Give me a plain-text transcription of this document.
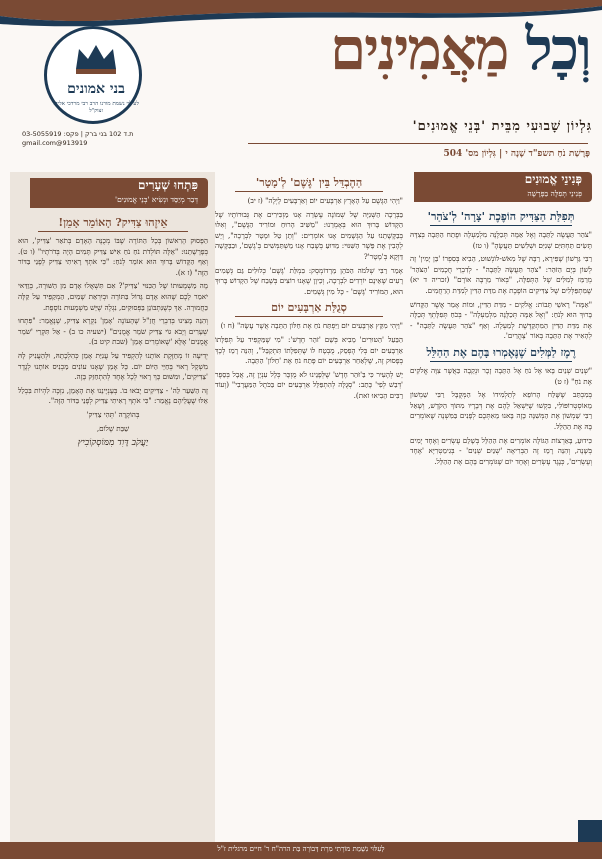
בני אמונים
לעילוי נשמת מורנו הרב רבי מרדכי אליהו זצוק"ל
ת.ד 102 בני ברק | פקס: 03-5055919
913919@gmail.com
וְכָל מַאֲמִינִים
גִּלְיוֹן שָׁבוּעִי מִבֵּית 'בְּנֵי אֱמוּנִים'
פָּרָשַׁת נֹחַ תשפ"ד שָׁנָה י | גִּלְיוֹן מס' 504
פְּנִינֵי אֱמוּנִים
פְּנִינֵי תְּפִלָּה בַּפָּרָשָׁה
תְּפִלַּת הַצַּדִּיק הוֹפֶכֶת 'צָרָה' לְ'צֹהַר'

"צֹהַר תַּעֲשֶׂה לַתֵּבָה וְאֶל אַמָּה תְּכַלֶּנָּה מִלְמַעְלָה וּפֶתַח הַתֵּבָה בְּצִדָּהּ תָּשִׂים תַּחְתִּיִּם שְׁנִיִּם וּשְׁלִשִׁים תַּעֲשֶׂהָ" (ו טז)

רַבִּי גַּרְשׁוֹן שָׁפִּירָא, רַבָּהּ שֶׁל מִאֹשׁ-לוֹנְשׁוּט, הֵבִיא בְּסִפְרוֹ 'בֵּן יָמִין' זָה לְשׁוֹן בְּיָם הַזֹּהַר: "צֹהַר תַּעֲשֶׂה לַתֵּבָה" - לְדִבְרֵי חֲכָמִים 'הַצֹּהַר' מְרַמֵּז לְמִלִּים שֶׁל הַתְּפִלָּה, "בְּאוֹר מַרְבֶּה אוֹרָם" (זכריה ד יא) שֶׁמִּתְפַּלְּלִים שֶׁל צַדִּיקִים הוֹפֶכֶת אֶת מִדַּת הַדִּין לְמִדַּת הָרַחֲמִים.

"אַמָּה" רָאשֵׁי תֵּבוֹת: אֱלֹקִים - מִדַּת הַדִּין, וּמוֹת אָמַר אֲשֶׁר הַקָּדוֹשׁ בָּרוּךְ הוּא לְנֹחַ: "וְאֶל אַמָּה תְּכַלֶּנָּה מִלְמַעְלָה" - בְּכֹחַ תְּפִלָּתְךָ תְּכַלֶּה אֶת מִדַּת הַדִּין הַמִּתְקַדֶּשֶׁת לְמַעְלָה. וְאַף "צֹהַר תַּעֲשֶׂה לַתֵּבָה" - לְהָאִיר אֶת הַתֵּבָה בְּאוֹר 'צָהֳרַיִם'.

רֶמֶז לַמְּלִים שֶׁנֶּאֶמְרוּ בָּהֶם אֶת הַהַלֵּל

"שְׁנַיִם שְׁנַיִם בָּאוּ אֶל נֹחַ אֶל הַתֵּבָה זָכָר וּנְקֵבָה כַּאֲשֶׁר צִוָּה אֱלֹקִים אֶת נֹחַ" (ז ט)

בְּמִכְתַּב שֶׁשָּׁלַח הָרוֹפֵא לְתַלְמִידוֹ אֶל הַמְּקֻבָּל רַבִּי שַׁמְשׁוֹן מֵאוֹסְטְרוֹפּוֹלִי, בִּקְשׁוּ שֶׁיִּשְׁאַל לָהֶם אֶת דְּבָרָיו מִתּוֹךְ הַקֹּדֶשׁ, וְשָׁאַל רַבִּי שַׁמְשׁוֹן אֶת הַמְּשִׁנָּה כָּזֶה בָּאנוּ מֵאִתְּכֶם לְפָנִים בַּמִּשְׁנָה שֶׁאוֹמְרִים בָּהּ אֶת הַהַלֵּל.

כִּידוּעַ, בָּאַרְצוֹת הַגּוֹלָה אוֹמְרִים אֶת הַהַלֵּל בְּשָׁלֵם עֶשְׂרִים וְאֶחָד יָמִים בְּשָׁנָה, וְהִנֵּה רָמֵז זֶה הַבְּרִיאָה 'שְׁנַיִם שְׁנַיִם' - בְּגִימַטְרִיָּא 'אֶחָד וְעֶשְׂרִים', כְּנֶגֶד עֶשְׂרִים וְאֶחָד יוֹם שֶׁגּוֹמְרִים בָּהֶם אֶת הַהַלֵּל.

הַהֶבְדֵּל בֵּין 'גֶּשֶׁם' לְ'מָטָר'

"וַיְהִי הַגֶּשֶׁם עַל הָאָרֶץ אַרְבָּעִים יוֹם וְאַרְבָּעִים לָיְלָה" (ז יב)

בַּבְּרָכָה הַשְּׁנִיָּה שֶׁל שְׁמוֹנָה עֶשְׂרֵה אָנוּ מַזְכִּירִים אֶת גְּבוּרוֹתָיו שֶׁל הַקָּדוֹשׁ בָּרוּךְ הוּא בְּאָמְרֵנוּ: "מַשִּׁיב הָרוּחַ וּמוֹרִיד הַגֶּשֶׁם", וְאִלּוּ בְּבַקָּשָׁתֵנוּ עַל הַגְּשָׁמִים אָנוּ אוֹמְרִים: "וְתֵן טַל וּמָטָר לִבְרָכָה", וְיֵשׁ לְהָבִין אֶת פֵּשֶׁר הַשִּׁנּוּי: מַדּוּעַ בְּשֶׁבַח אָנוּ מַשְׁתַּמְּשִׁים בְּ'גֶשֶׁם', וּבַבַּקָּשָׁה דַּוְקָא בְּ'מָטָר'?

אָמַר רַבִּי שְׁלֹמֹה הַכֹּהֵן מֵרָדוֹמְסְק: בִּמְלַּת 'גֶּשֶׁם' כְּלוּלִים גַּם גְּשָׁמִים רָעִים שֶׁאֵינָם יוֹרְדִים לִבְרָכָה, וְכֵיוָן שֶׁאָנוּ רוֹצִים בְּשֶׁבַח שֶׁל הַקָּדוֹשׁ בָּרוּךְ הוּא, הַמּוֹרִיד 'גֶּשֶׁם' - כָּל מִין גְּשָׁמִים.

סְגֻלַּת אַרְבָּעִים יוֹם

"וַיְהִי מִקֵּץ אַרְבָּעִים יוֹם וַיִּפְתַּח נֹחַ אֶת חַלּוֹן הַתֵּבָה אֲשֶׁר עָשָׂה" (ח ו)

הַבַּעַל 'הַטּוּרִים' מֵבִיא בְּשֵׁם 'זֹהַר חָדָשׁ': "מִי שֶׁמַּקְפִּיד עַל תְּפִלָּתוֹ אַרְבָּעִים יוֹם בְּלִי הֶפְסֵק, מֻבְטָח לוֹ שֶׁתְּפִלָּתוֹ תִּתְקַבֵּל", וְהִנֵּה רָמֵז לְכָךְ בְּפָסוּק זֶה, שֶׁלְּאַחַר אַרְבָּעִים יוֹם פָּתַח נֹחַ אֶת 'חַלּוֹן' הַתֵּבָה.

יֵשׁ לְהָעִיר כִּי בַּ'זֹּהַר חָדָשׁ' שֶׁלְּפָנֵינוּ לֹא מֻזְכָּר כְּלָל עִנְיָן זֶה, אֲבָל בְּסֵפֶר 'דְּבַשׁ לְפִי' כָּתַב: "סְגֻלָּה לְהִתְפַּלֵּל אַרְבָּעִים יוֹם בַּכֹּתֶל הַמַּעֲרָבִי" (וְעוֹד רַבִּים הֵבִיאוּ זֹאת).

פִּתְחוּ שְׁעָרִים
דְּבַר מְיַסֵּד וּנְשִׂיא 'בְּנֵי אֱמוּנִים'
אֵיזֶהוּ צַדִּיק? הָאוֹמֵר אָמֵן!

הַפָּסוּק הָרִאשׁוֹן בְּכָל הַתּוֹרָה שֶׁבּוֹ מְכֻנֶּה הָאָדָם בְּתֹאַר 'צַדִּיק', הוּא בְּפָרָשָׁתֵנוּ: "אֵלֶּה תּוֹלְדֹת נֹחַ נֹחַ אִישׁ צַדִּיק תָּמִים הָיָה בְּדֹרֹתָיו" (ו ט). וְאַף הַקָּדוֹשׁ בָּרוּךְ הוּא אוֹמֵר לְנֹחַ: "כִּי אֹתְךָ רָאִיתִי צַדִּיק לְפָנַי בַּדּוֹר הַזֶּה" (ז א).

מָה מַשְׁמָעוּתוֹ שֶׁל הַכִּנּוּי 'צַדִּיק'? אִם תִּשְׁאֲלוּ אָדָם מִן הַשּׁוּרָה, בְּוַדַּאי יֹאמַר לָכֶם שֶׁהוּא אָדָם גָּדוֹל בַּתּוֹרָה וּבְיִרְאַת שָׁמַיִם, הַמְקַפֵּיד עַל קַלָּה כַּחֲמוּרָה. אַךְ כְּשֶׁנִּתְבּוֹנֵן בַּפְּסוּקִים, נִגְלֶה שֶׁיֵּשׁ מַשְׁמָעוּת נוֹסֶפֶת.

וְהִנֵּה מָצִינוּ בְּדִבְרֵי חֲזַ"ל שֶׁהָעוֹנֶה 'אָמֵן' נִקְרָא צַדִּיק, שֶׁנֶּאֱמַר: "פִּתְחוּ שְׁעָרִים וְיָבֹא גוֹי צַדִּיק שֹׁמֵר אֱמֻנִים" (ישעיה כו ב) - אַל תִּקְרֵי 'שֹׁמֵר אֱמֻנִים' אֶלָּא 'שֶׁאוֹמְרִים אָמֵן' (שבת קיט ב).

יְדִיעָה זוֹ מְחַזֶּקֶת אוֹתָנוּ לְהַקְפִּיד עַל עֲנִיַּת אָמֵן כְּהִלְכָתָהּ, וּלְהַעֲנִיק לָהּ מִשְׁקָל רָאוּי בְּחַיֵּי הַיּוֹם יוֹם. כָּל אָמֵן שֶׁאָנוּ עוֹנִים מַכְנִיס אוֹתָנוּ לְגֶדֶר 'צַדִּיקִים', וּמִשּׁוּם כָּךְ רָאוּי לְכָל אֶחָד לְהִתְחַזֵּק בָּזֶה.

זֶה הַשַּׁעַר לַה' - צַדִּיקִים יָבֹאוּ בוֹ. בְּעָנְיָינֵנוּ אֶת הָאָמֵן, נִזְכֶּה לִהְיוֹת בִּכְלַל אֵלּוּ שֶׁעֲלֵיהֶם נֶאֱמַר: "כִּי אֹתְךָ רָאִיתִי צַדִּיק לְפָנַי בַּדּוֹר הַזֶּה".

בְּהוֹקָרָה 'תְּהִי צַדִּיק'

שַׁבַּת שָׁלוֹם,

יַעֲקֹב דָּוִד מִמּוֹסְקוֹבִיץ
לְעִלּוּי נִשְׁמַת מוֹרָתִי מִרָת דְּבוֹרָה בַּת הרה"ח ר' חיים מרגלית ז"ל
